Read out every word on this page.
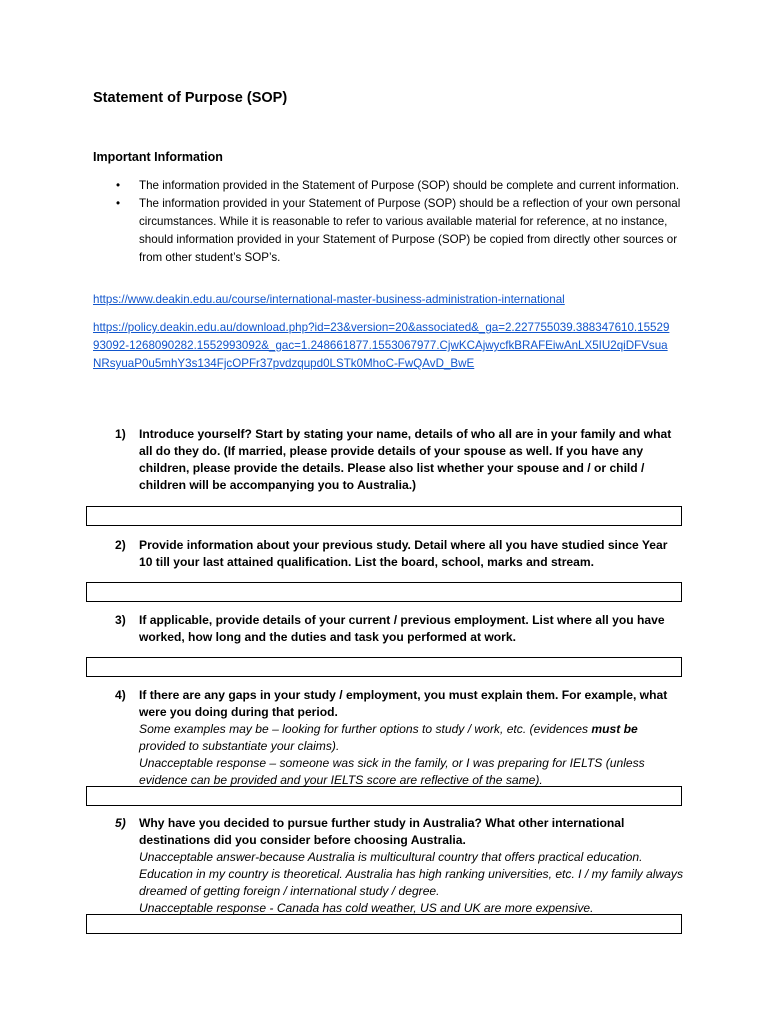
Statement of Purpose (SOP)
Important Information
• The information provided in the Statement of Purpose (SOP) should be complete and current information.
• The information provided in your Statement of Purpose (SOP) should be a reflection of your own personal circumstances. While it is reasonable to refer to various available material for reference, at no instance, should information provided in your Statement of Purpose (SOP) be copied from directly other sources or from other student’s SOP’s.
https://www.deakin.edu.au/course/international-master-business-administration-international
https://policy.deakin.edu.au/download.php?id=23&version=20&associated&_ga=2.227755039.388347610.1552993092-1268090282.1552993092&_gac=1.248661877.1553067977.CjwKCAjwycfkBRAFEiwAnLX5IU2qiDFVsuaNRsyuaP0u5mhY3s134FjcOPFr37pvdzqupd0LSTk0MhoC-FwQAvD_BwE
1) Introduce yourself? Start by stating your name, details of who all are in your family and what all do they do. (If married, please provide details of your spouse as well. If you have any children, please provide the details. Please also list whether your spouse and / or child / children will be accompanying you to Australia.)
2) Provide information about your previous study. Detail where all you have studied since Year 10 till your last attained qualification. List the board, school, marks and stream.
3) If applicable, provide details of your current / previous employment. List where all you have worked, how long and the duties and task you performed at work.
4) If there are any gaps in your study / employment, you must explain them. For example, what were you doing during that period.
Some examples may be – looking for further options to study / work, etc. (evidences must be provided to substantiate your claims).
Unacceptable response – someone was sick in the family, or I was preparing for IELTS (unless evidence can be provided and your IELTS score are reflective of the same).
5) Why have you decided to pursue further study in Australia? What other international destinations did you consider before choosing Australia.
Unacceptable answer-because Australia is multicultural country that offers practical education. Education in my country is theoretical. Australia has high ranking universities, etc. I / my family always dreamed of getting foreign / international study / degree.
Unacceptable response - Canada has cold weather, US and UK are more expensive.
